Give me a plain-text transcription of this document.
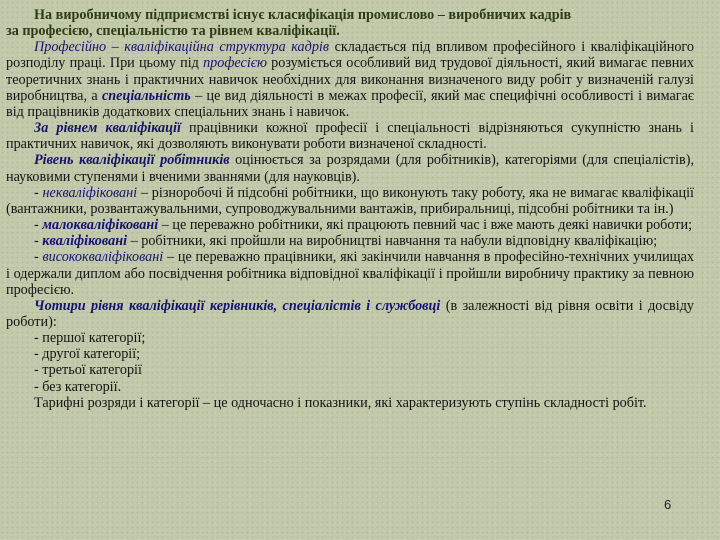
На виробничому підприємстві існує класифікація промислово – виробничих кадрів
за професією, спеціальністю та рівнем кваліфікації.

Професійно – кваліфікаційна структура кадрів складається під впливом професійного і кваліфікаційного розподілу праці. При цьому під професією розуміється особливий вид трудової діяльності, який вимагає певних теоретичних знань і практичних навичок необхідних для виконання визначеного виду робіт у визначеній галузі виробництва, а спеціальність – це вид діяльності в межах професії, який має специфічні особливості і вимагає від працівників додаткових спеціальних знань і навичок.

За рівнем кваліфікації працівники кожної професії і спеціальності відрізняються сукупністю знань і практичних навичок, які дозволяють виконувати роботи визначеної складності.

Рівень кваліфікації робітників оцінюється за розрядами (для робітників), категоріями (для спеціалістів), науковими ступенями і вченими званнями (для науковців).

- некваліфіковані – різноробочі й підсобні робітники, що виконують таку роботу, яка не вимагає кваліфікації (вантажники, розвантажувальними, супроводжувальними вантажів, прибиральниці, підсобні робітники та ін.)

- малокваліфіковані – це переважно робітники, які працюють певний час і вже мають деякі навички роботи;

- кваліфіковані – робітники, які пройшли на виробництві навчання та набули відповідну кваліфікацію;

- висококваліфіковані – це переважно працівники, які закінчили навчання в професійно-технічних училищах і одержали диплом або посвідчення робітника відповідної кваліфікації і пройшли виробничу практику за певною професією.

Чотири рівня кваліфікації керівників, спеціалістів і службовці (в залежності від рівня освіти і досвіду роботи):

- першої категорії;

- другої категорії;

- третьої категорії

- без категорії.

Тарифні розряди і категорії – це одночасно і показники, які характеризують ступінь складності робіт.

6
